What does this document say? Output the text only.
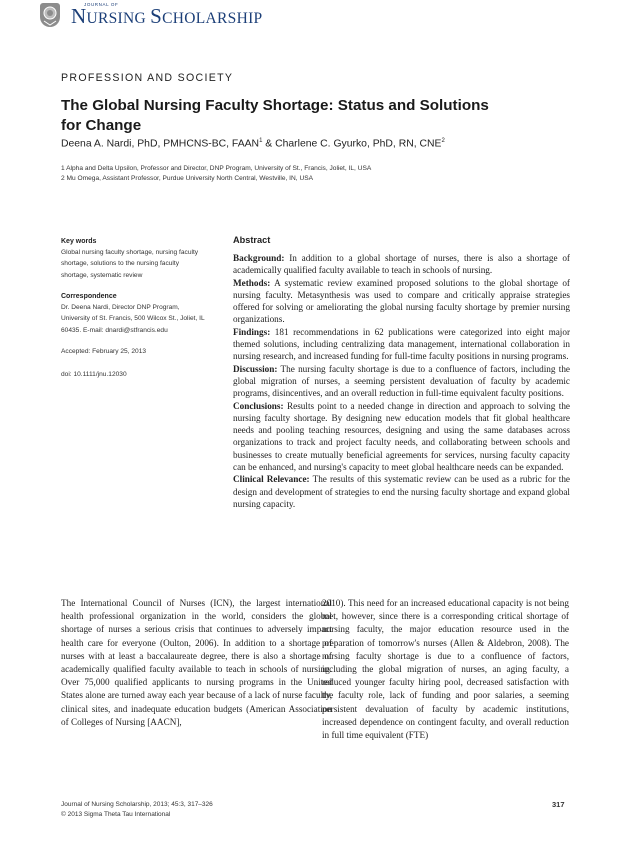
JOURNAL OF
NURSING SCHOLARSHIP
PROFESSION AND SOCIETY
The Global Nursing Faculty Shortage: Status and Solutions
for Change
Deena A. Nardi, PhD, PMHCNS-BC, FAAN$^1$ & Charlene C. Gyurko, PhD, RN, CNE$^2$
1 Alpha and Delta Upsilon, Professor and Director, DNP Program, University of St., Francis, Joliet, IL, USA
2 Mu Omega, Assistant Professor, Purdue University North Central, Westville, IN, USA
Key words
Global nursing faculty shortage, nursing faculty
shortage, solutions to the nursing faculty
shortage, systematic review
Correspondence
Dr. Deena Nardi, Director DNP Program,
University of St. Francis, 500 Wilcox St., Joliet, IL
60435. E-mail: dnardi@stfrancis.edu
Accepted: February 25, 2013
doi: 10.1111/jnu.12030
Abstract

Background: In addition to a global shortage of nurses, there is also a shortage of academically qualified faculty available to teach in schools of nursing.

Methods: A systematic review examined proposed solutions to the global shortage of nursing faculty. Metasynthesis was used to compare and critically appraise strategies offered for solving or ameliorating the global nursing faculty shortage by premier nursing organizations.

Findings: 181 recommendations in 62 publications were categorized into eight major themed solutions, including centralizing data management, international collaboration in nursing research, and increased funding for full-time faculty positions in nursing programs.

Discussion: The nursing faculty shortage is due to a confluence of factors, including the global migration of nurses, a seeming persistent devaluation of faculty by academic programs, disincentives, and an overall reduction in full-time equivalent faculty positions.

Conclusions: Results point to a needed change in direction and approach to solving the nursing faculty shortage. By designing new education models that fit global healthcare needs and pooling teaching resources, designing and using the same databases across organizations to track and project faculty needs, and collaborating between schools and businesses to create mutually beneficial agreements for services, nursing faculty capacity can be enhanced, and nursing's capacity to meet global healthcare needs can be expanded.

Clinical Relevance: The results of this systematic review can be used as a rubric for the design and development of strategies to end the nursing faculty shortage and expand global nursing capacity.

The International Council of Nurses (ICN), the largest international health professional organization in the world, considers the global shortage of nurses a serious crisis that continues to adversely impact health care for everyone (Oulton, 2006). In addition to a shortage of nurses with at least a baccalaureate degree, there is also a shortage of academically qualified faculty available to teach in schools of nursing. Over 75,000 qualified applicants to nursing programs in the United States alone are turned away each year because of a lack of nurse faculty, clinical sites, and inadequate education budgets (American Association of Colleges of Nursing [AACN],

2010). This need for an increased educational capacity is not being met, however, since there is a corresponding critical shortage of nursing faculty, the major education resource used in the preparation of tomorrow's nurses (Allen & Aldebron, 2008). The nursing faculty shortage is due to a confluence of factors, including the global migration of nurses, an aging faculty, a reduced younger faculty hiring pool, decreased satisfaction with the faculty role, lack of funding and poor salaries, a seeming persistent devaluation of faculty by academic institutions, increased dependence on contingent faculty, and overall reduction in full time equivalent (FTE)

Journal of Nursing Scholarship, 2013; 45:3, 317–326
© 2013 Sigma Theta Tau International
317
